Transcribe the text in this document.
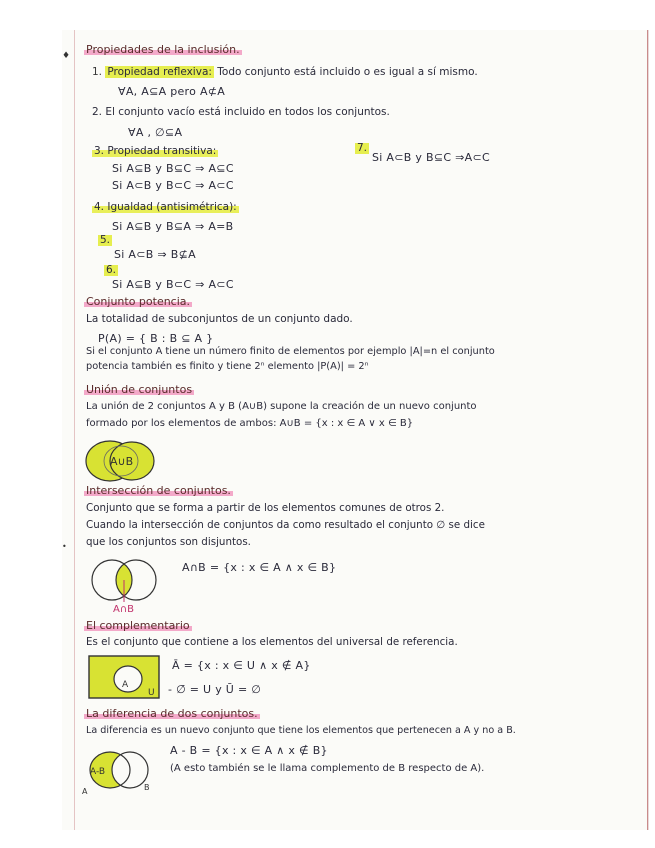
♦
•
Propiedades de la inclusión.
1. Propiedad reflexiva: Todo conjunto está incluido o es igual a sí mismo.
∀A, A⊆A pero A⊄A
2. El conjunto vacío está incluido en todos los conjuntos.
∀A , ∅⊆A
3. Propiedad transitiva:
Si A⊆B y B⊆C ⇒ A⊆C
Si A⊂B y B⊂C ⇒ A⊂C
4. Igualdad (antisimétrica):
Si A⊆B y B⊆A ⇒ A=B
5.
Si A⊂B ⇒ B⊈A
6.
Si A⊆B y B⊂C ⇒ A⊂C
7.
Si A⊂B y B⊆C ⇒A⊂C
Conjunto potencia.
La totalidad de subconjuntos de un conjunto dado.
P(A) = { B : B ⊆ A }
Si el conjunto A tiene un número finito de elementos por ejemplo |A|=n el conjunto
potencia también es finito y tiene 2ⁿ elemento |P(A)| = 2ⁿ
Unión de conjuntos
La unión de 2 conjuntos A y B (A∪B) supone la creación de un nuevo conjunto
formado por los elementos de ambos: A∪B = {x : x ∈ A ∨ x ∈ B}
A∪B
Intersección de conjuntos.
Conjunto que se forma a partir de los elementos comunes de otros 2.
Cuando la intersección de conjuntos da como resultado el conjunto ∅ se dice
que los conjuntos son disjuntos.
A∩B = {x : x ∈ A ∧ x ∈ B}
A∩B
El complementario
Es el conjunto que contiene a los elementos del universal de referencia.
Ā = {x : x ∈ U ∧ x ∉ A}
- ∅̄ = U y Ū = ∅
A
U
La diferencia de dos conjuntos.
La diferencia es un nuevo conjunto que tiene los elementos que pertenecen a A y no a B.
A - B = {x : x ∈ A ∧ x ∉ B}
(A esto también se le llama complemento de B respecto de A).
A-B
A	B
